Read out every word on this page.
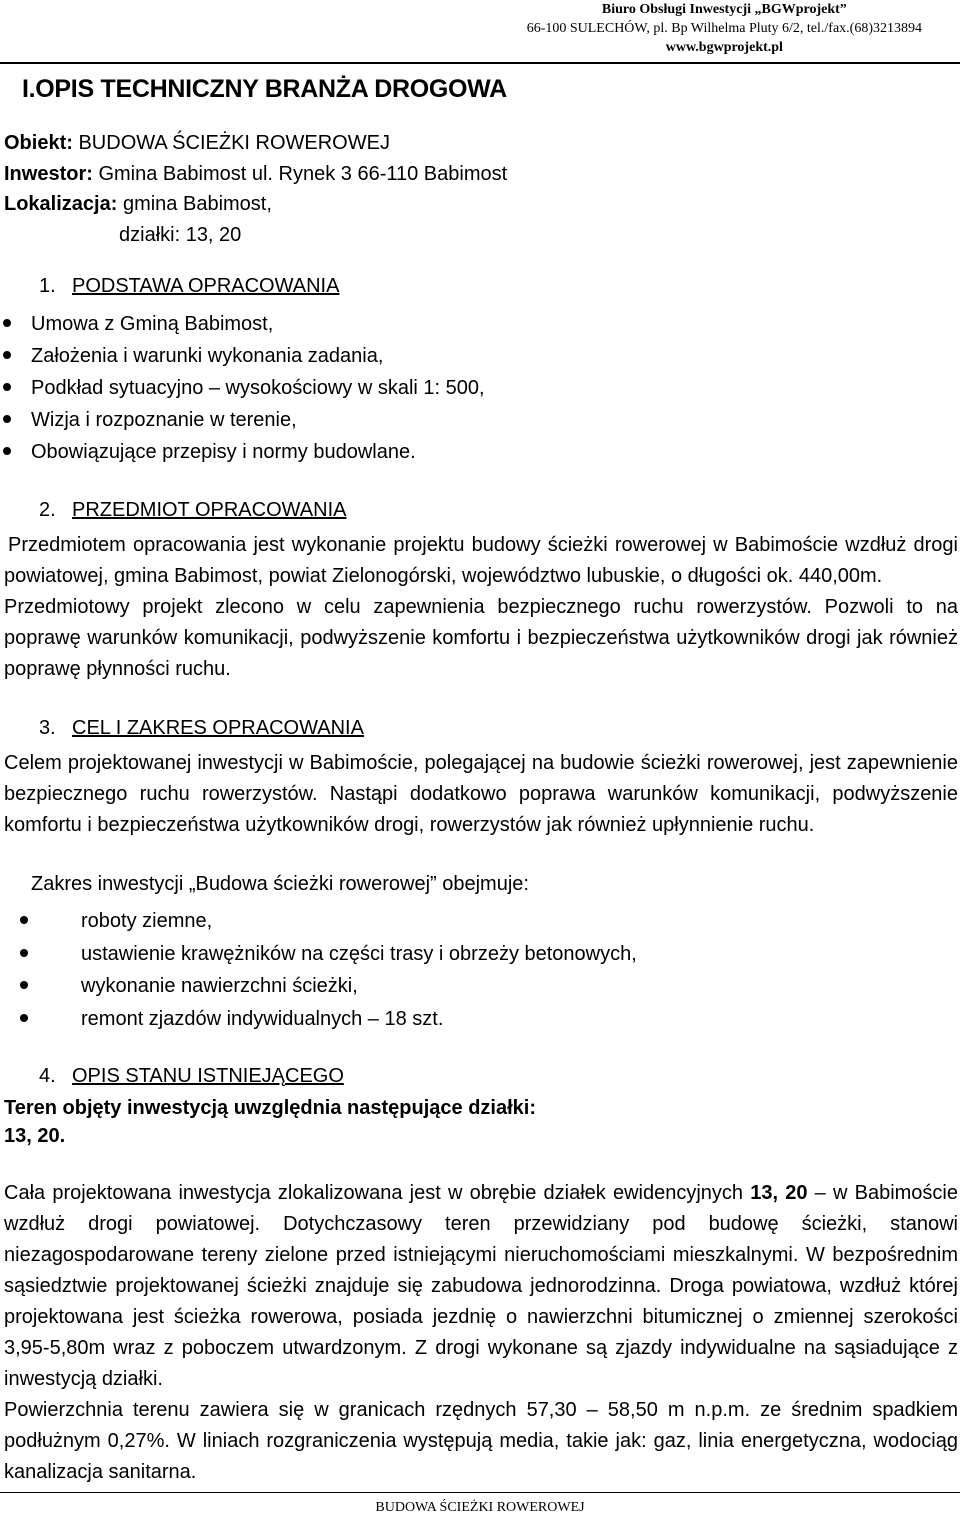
Biuro Obsługi Inwestycji „BGWprojekt”
66-100 SULECHÓW, pl. Bp Wilhelma Pluty 6/2, tel./fax.(68)3213894
www.bgwprojekt.pl
I.OPIS TECHNICZNY BRANŻA DROGOWA
Obiekt: BUDOWA ŚCIEŻKI ROWEROWEJ
Inwestor: Gmina Babimost ul. Rynek 3 66-110 Babimost
Lokalizacja: gmina Babimost,
działki: 13, 20
1. PODSTAWA OPRACOWANIA
Umowa z Gminą Babimost,
Założenia i warunki wykonania zadania,
Podkład sytuacyjno – wysokościowy w skali 1: 500,
Wizja i rozpoznanie w terenie,
Obowiązujące przepisy i normy budowlane.
2. PRZEDMIOT OPRACOWANIA

Przedmiotem opracowania jest wykonanie projektu budowy ścieżki rowerowej w Babimoście wzdłuż drogi powiatowej, gmina Babimost, powiat Zielonogórski, województwo lubuskie, o długości ok. 440,00m.

Przedmiotowy projekt zlecono w celu zapewnienia bezpiecznego ruchu rowerzystów. Pozwoli to na poprawę warunków komunikacji, podwyższenie komfortu i bezpieczeństwa użytkowników drogi jak również poprawę płynności ruchu.

3. CEL I ZAKRES OPRACOWANIA

Celem projektowanej inwestycji w Babimoście, polegającej na budowie ścieżki rowerowej, jest zapewnienie bezpiecznego ruchu rowerzystów. Nastąpi dodatkowo poprawa warunków komunikacji, podwyższenie komfortu i bezpieczeństwa użytkowników drogi, rowerzystów jak również upłynnienie ruchu.

Zakres inwestycji „Budowa ścieżki rowerowej” obejmuje:
roboty ziemne,
ustawienie krawężników na części trasy i obrzeży betonowych,
wykonanie nawierzchni ścieżki,
remont zjazdów indywidualnych – 18 szt.
4. OPIS STANU ISTNIEJĄCEGO
Teren objęty inwestycją uwzględnia następujące działki:
13, 20.

Cała projektowana inwestycja zlokalizowana jest w obrębie działek ewidencyjnych 13, 20 – w Babimoście wzdłuż drogi powiatowej. Dotychczasowy teren przewidziany pod budowę ścieżki, stanowi niezagospodarowane tereny zielone przed istniejącymi nieruchomościami mieszkalnymi. W bezpośrednim sąsiedztwie projektowanej ścieżki znajduje się zabudowa jednorodzinna. Droga powiatowa, wzdłuż której projektowana jest ścieżka rowerowa, posiada jezdnię o nawierzchni bitumicznej o zmiennej szerokości 3,95-5,80m wraz z poboczem utwardzonym. Z drogi wykonane są zjazdy indywidualne na sąsiadujące z inwestycją działki.

Powierzchnia terenu zawiera się w granicach rzędnych 57,30 – 58,50 m n.p.m. ze średnim spadkiem podłużnym 0,27%. W liniach rozgraniczenia występują media, takie jak: gaz, linia energetyczna, wodociąg kanalizacja sanitarna.

BUDOWA ŚCIEŻKI ROWEROWEJ
